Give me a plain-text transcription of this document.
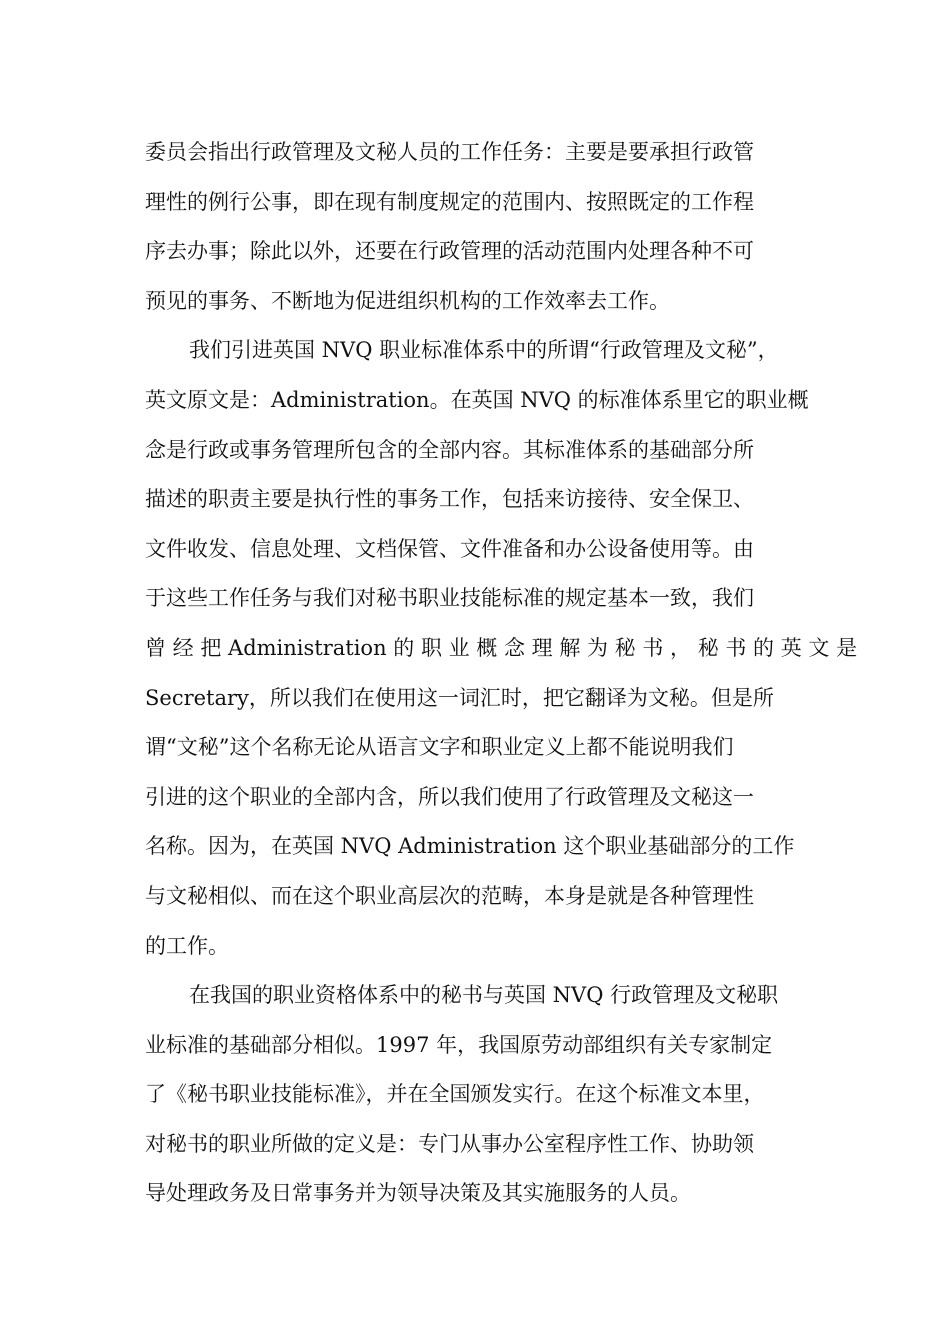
委员会指出行政管理及文秘人员的工作任务：主要是要承担行政管
理性的例行公事，即在现有制度规定的范围内、按照既定的工作程
序去办事；除此以外，还要在行政管理的活动范围内处理各种不可
预见的事务、不断地为促进组织机构的工作效率去工作。
我们引进英国 NVQ 职业标准体系中的所谓“行政管理及文秘”，
英文原文是：Administration。在英国 NVQ 的标准体系里它的职业概
念是行政或事务管理所包含的全部内容。其标准体系的基础部分所
描述的职责主要是执行性的事务工作，包括来访接待、安全保卫、
文件收发、信息处理、文档保管、文件准备和办公设备使用等。由
于这些工作任务与我们对秘书职业技能标准的规定基本一致，我们
曾 经 把 Administration 的 职 业 概 念 理 解 为 秘 书 ， 秘 书 的 英 文 是
Secretary，所以我们在使用这一词汇时，把它翻译为文秘。但是所
谓“文秘”这个名称无论从语言文字和职业定义上都不能说明我们
引进的这个职业的全部内含，所以我们使用了行政管理及文秘这一
名称。因为，在英国 NVQ Administration 这个职业基础部分的工作
与文秘相似、而在这个职业高层次的范畴，本身是就是各种管理性
的工作。
在我国的职业资格体系中的秘书与英国 NVQ 行政管理及文秘职
业标准的基础部分相似。1997 年，我国原劳动部组织有关专家制定
了《秘书职业技能标准》，并在全国颁发实行。在这个标准文本里，
对秘书的职业所做的定义是：专门从事办公室程序性工作、协助领
导处理政务及日常事务并为领导决策及其实施服务的人员。
